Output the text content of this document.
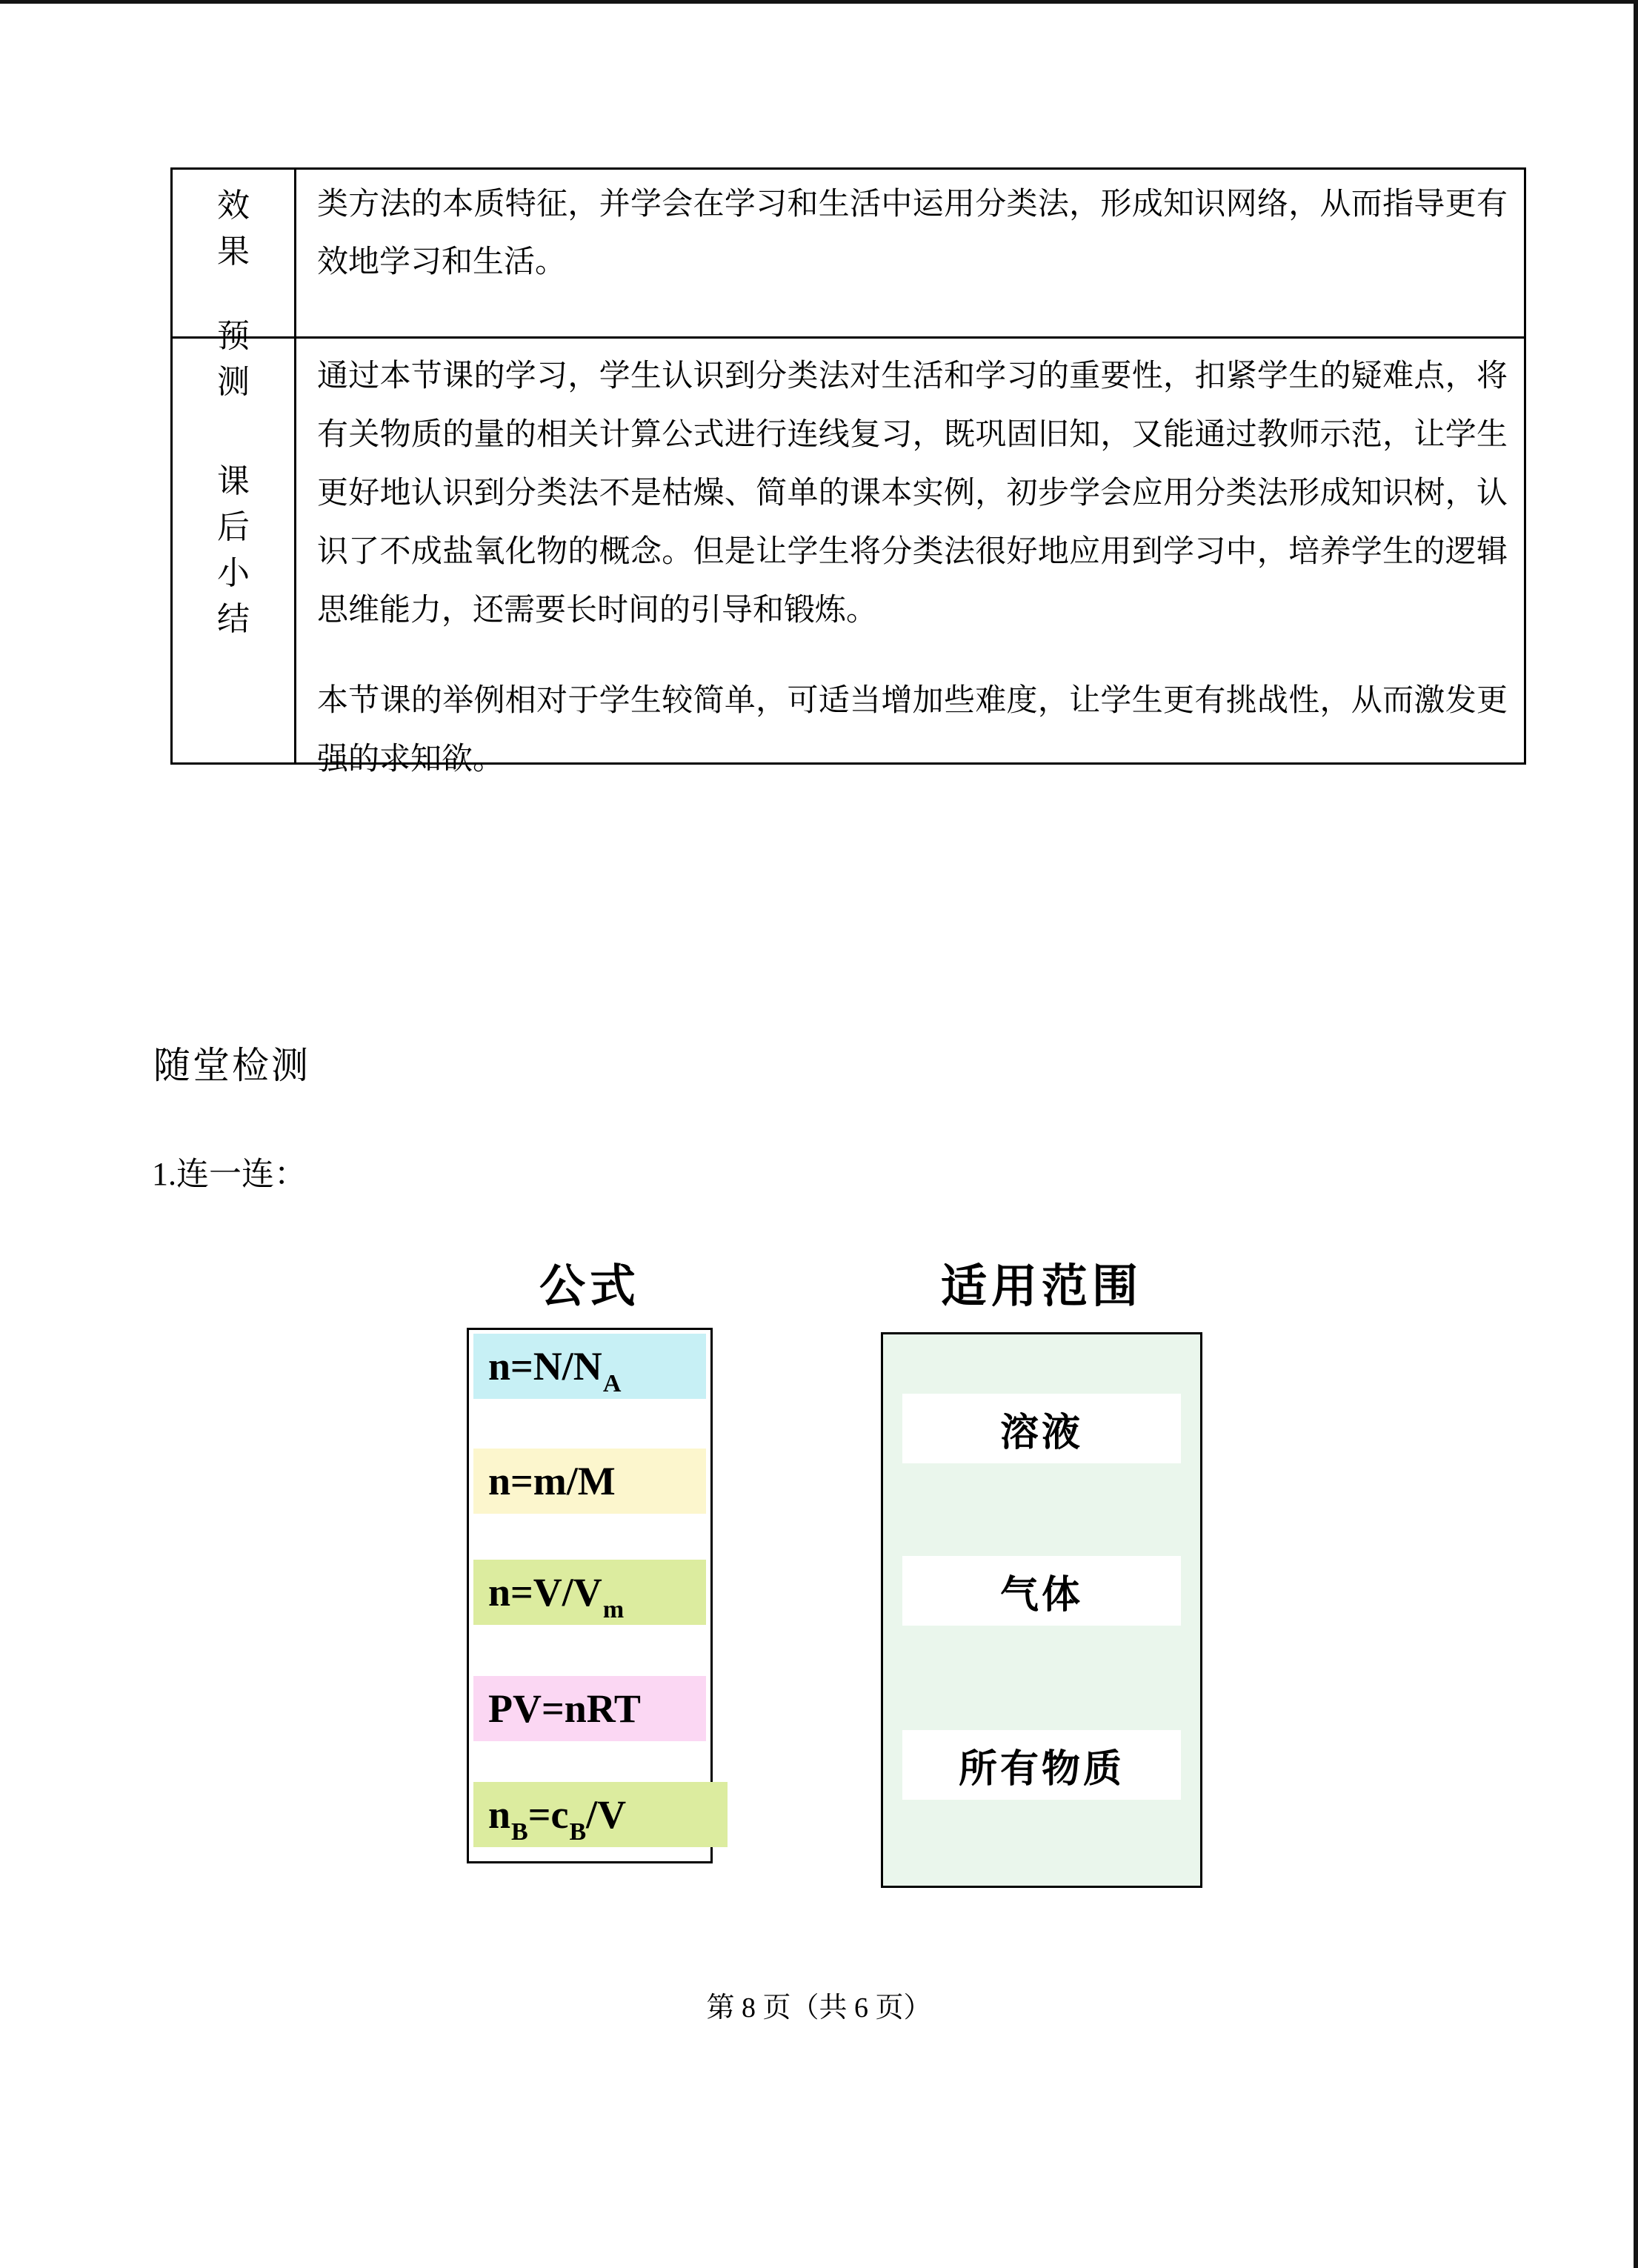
效果
预测

类方法的本质特征，并学会在学习和生活中运用分类法，形成知识网络，从而指导更有效地学习和生活。

课后
小结

通过本节课的学习，学生认识到分类法对生活和学习的重要性，扣紧学生的疑难点，将有关物质的量的相关计算公式进行连线复习，既巩固旧知，又能通过教师示范，让学生更好地认识到分类法不是枯燥、简单的课本实例，初步学会应用分类法形成知识树，认识了不成盐氧化物的概念。但是让学生将分类法很好地应用到学习中，培养学生的逻辑思维能力，还需要长时间的引导和锻炼。

本节课的举例相对于学生较简单，可适当增加些难度，让学生更有挑战性，从而激发更强的求知欲。

随堂检测
1.连一连：
公式	适用范围
$n=N/N_A$
n=m/M
$n=V/V_m$
PV=nRT
$n_B=c_B/V$
溶液
气体
所有物质
第 8 页（共 6 页）
